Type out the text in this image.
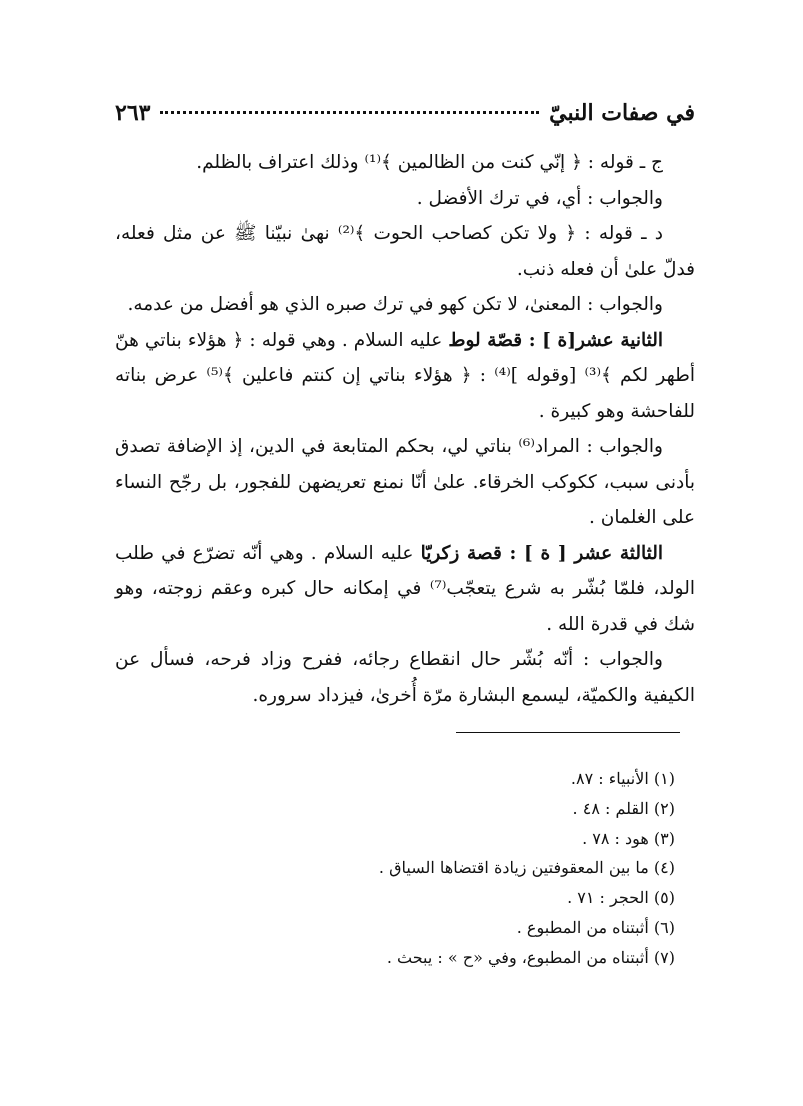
في صفات النبيّ
٢٦٣

ج ـ قوله : ﴿ إنّي كنت من الظالمين ﴾⁽¹⁾ وذلك اعتراف بالظلم.

والجواب : أي، في ترك الأفضل .

د ـ قوله : ﴿ ولا تكن كصاحب الحوت ﴾⁽²⁾ نهىٰ نبيّنا ﷺ عن مثل فعله، فدلّ علىٰ أن فعله ذنب.

والجواب : المعنىٰ، لا تكن كهو في ترك صبره الذي هو أفضل من عدمه.

الثانية عشر[ة ] : قصّة لوط عليه السلام . وهي قوله : ﴿ هؤلاء بناتي هنّ أطهر لكم ﴾⁽³⁾ [وقوله ]⁽⁴⁾ : ﴿ هؤلاء بناتي إن كنتم فاعلين ﴾⁽⁵⁾ عرض بناته للفاحشة وهو كبيرة .

والجواب : المراد⁽⁶⁾ بناتي لي، بحكم المتابعة في الدين، إذ الإضافة تصدق بأدنى سبب، ككوكب الخرقاء. علىٰ أنّا نمنع تعريضهن للفجور، بل رجّح النساء على الغلمان .

الثالثة عشر [ ة ] : قصة زكريّا عليه السلام . وهي أنّه تضرّع في طلب الولد، فلمّا بُشّر به شرع يتعجّب⁽⁷⁾ في إمكانه حال كبره وعقم زوجته، وهو شك في قدرة الله .

والجواب : أنّه بُشّر حال انقطاع رجائه، ففرح وزاد فرحه، فسأل عن الكيفية والكميّة، ليسمع البشارة مرّة أُخرىٰ، فيزداد سروره.

(١) الأنبياء : ٨٧.
(٢) القلم : ٤٨ .
(٣) هود : ٧٨ .
(٤) ما بين المعقوفتين زيادة اقتضاها السياق .
(٥) الحجر : ٧١ .
(٦) أثبتناه من المطبوع .
(٧) أثبتناه من المطبوع، وفي «ح » : يبحث .
